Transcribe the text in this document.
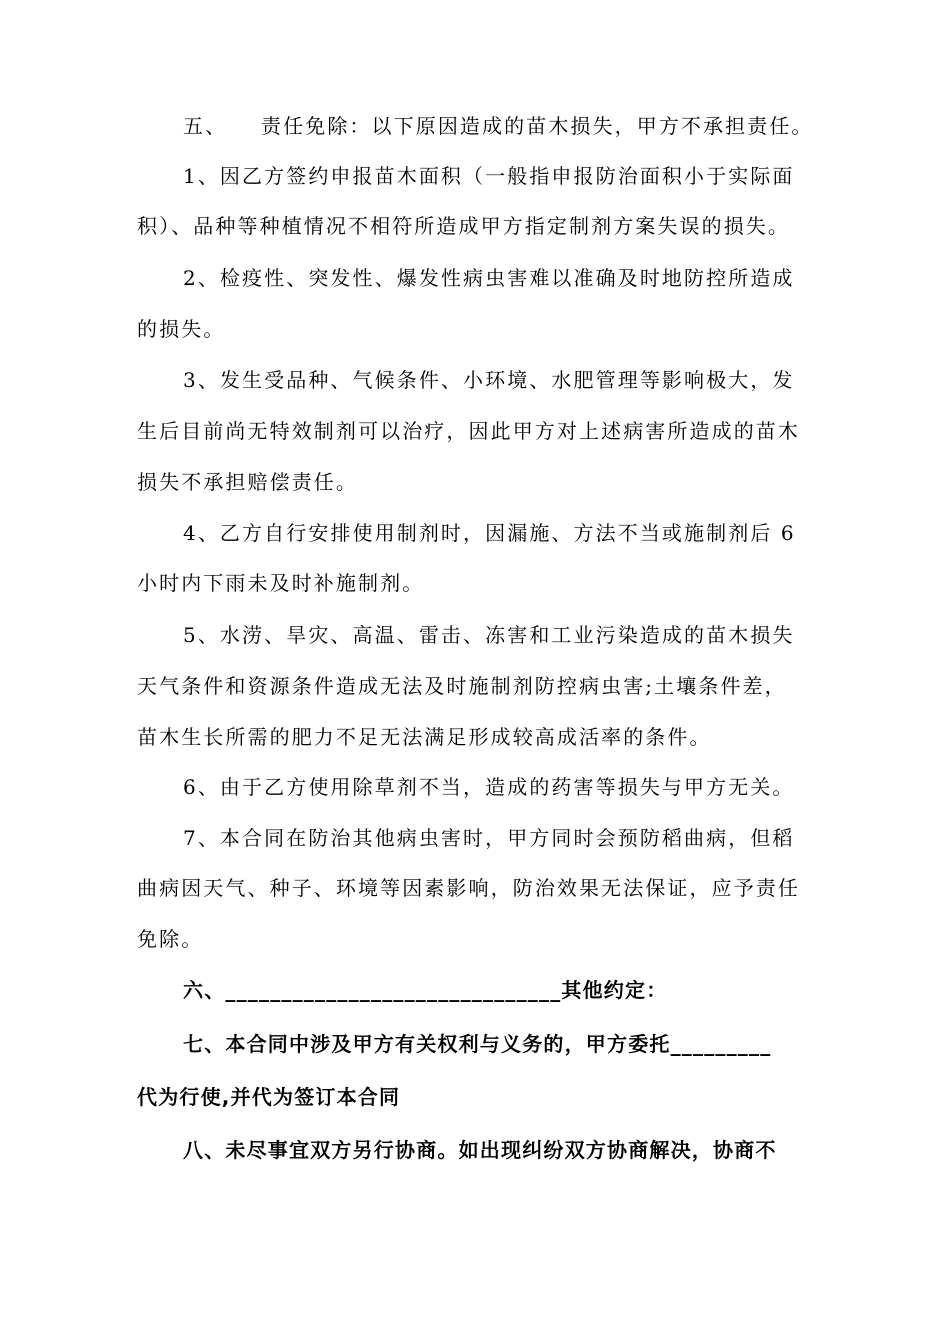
五、    责任免除：以下原因造成的苗木损失，甲方不承担责任。
1、因乙方签约申报苗木面积（一般指申报防治面积小于实际面
积）、品种等种植情况不相符所造成甲方指定制剂方案失误的损失。
2、检疫性、突发性、爆发性病虫害难以准确及时地防控所造成
的损失。
3、发生受品种、气候条件、小环境、水肥管理等影响极大，发
生后目前尚无特效制剂可以治疗，因此甲方对上述病害所造成的苗木
损失不承担赔偿责任。
4、乙方自行安排使用制剂时，因漏施、方法不当或施制剂后 6
小时内下雨未及时补施制剂。
5、水涝、旱灾、高温、雷击、冻害和工业污染造成的苗木损失
天气条件和资源条件造成无法及时施制剂防控病虫害;土壤条件差，
苗木生长所需的肥力不足无法满足形成较高成活率的条件。
6、由于乙方使用除草剂不当，造成的药害等损失与甲方无关。
7、本合同在防治其他病虫害时，甲方同时会预防稻曲病，但稻
曲病因天气、种子、环境等因素影响，防治效果无法保证，应予责任
免除。
六、______________________________其他约定：
七、本合同中涉及甲方有关权利与义务的，甲方委托_________
代为行使,并代为签订本合同
八、未尽事宜双方另行协商。如出现纠纷双方协商解决，协商不
